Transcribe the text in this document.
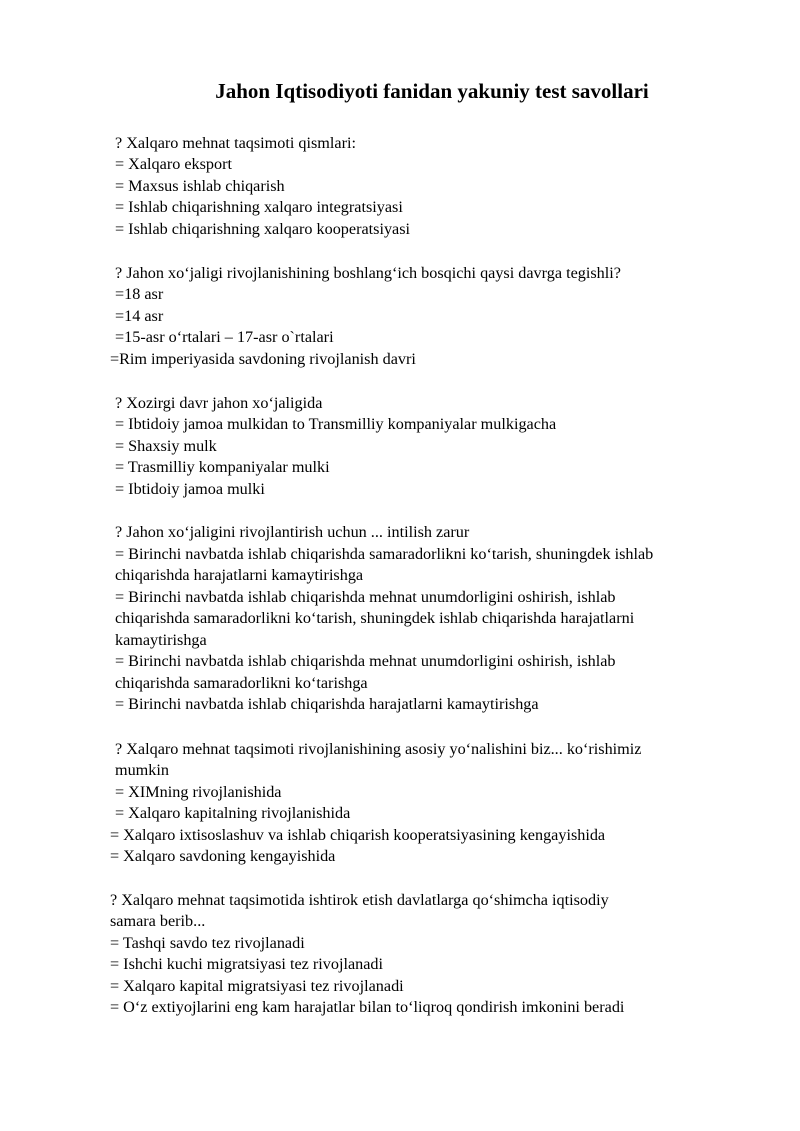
Jahon Iqtisodiyoti fanidan yakuniy test savollari
? Xalqaro mehnat taqsimoti qismlari:
= Xalqaro eksport
= Maxsus ishlab chiqarish
= Ishlab chiqarishning xalqaro integratsiyasi
= Ishlab chiqarishning xalqaro kooperatsiyasi
? Jahon xo‘jaligi rivojlanishining boshlang‘ich bosqichi qaysi davrga tegishli?
=18 asr
=14 asr
=15-asr o‘rtalari – 17-asr o`rtalari
=Rim imperiyasida savdoning rivojlanish davri
? Xozirgi davr jahon xo‘jaligida
= Ibtidoiy jamoa mulkidan to Transmilliy kompaniyalar mulkigacha
= Shaxsiy mulk
= Trasmilliy kompaniyalar mulki
= Ibtidoiy jamoa mulki
? Jahon xo‘jaligini rivojlantirish uchun ... intilish zarur
= Birinchi navbatda ishlab chiqarishda samaradorlikni ko‘tarish, shuningdek ishlab
chiqarishda harajatlarni kamaytirishga
= Birinchi navbatda ishlab chiqarishda mehnat unumdorligini oshirish, ishlab
chiqarishda samaradorlikni ko‘tarish, shuningdek ishlab chiqarishda harajatlarni
kamaytirishga
= Birinchi navbatda ishlab chiqarishda mehnat unumdorligini oshirish, ishlab
chiqarishda samaradorlikni ko‘tarishga
= Birinchi navbatda ishlab chiqarishda harajatlarni kamaytirishga
? Xalqaro mehnat taqsimoti rivojlanishining asosiy yo‘nalishini biz... ko‘rishimiz
mumkin
= XIMning rivojlanishida
= Xalqaro kapitalning rivojlanishida
= Xalqaro ixtisoslashuv va ishlab chiqarish kooperatsiyasining kengayishida
= Xalqaro savdoning kengayishida
? Xalqaro mehnat taqsimotida ishtirok etish davlatlarga qo‘shimcha iqtisodiy
samara berib...
= Tashqi savdo tez rivojlanadi
= Ishchi kuchi migratsiyasi tez rivojlanadi
= Xalqaro kapital migratsiyasi tez rivojlanadi
= O‘z extiyojlarini eng kam harajatlar bilan to‘liqroq qondirish imkonini beradi
